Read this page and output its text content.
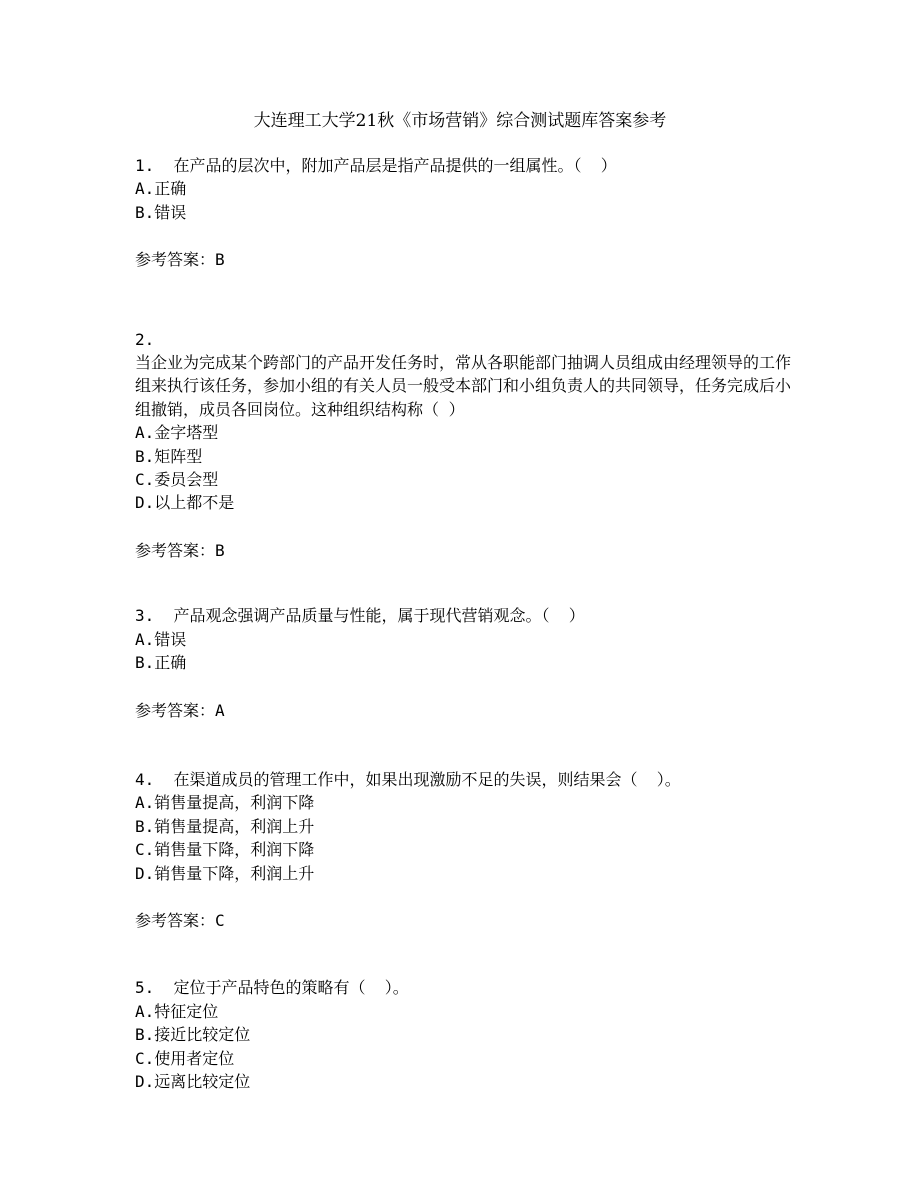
大连理工大学21秋《市场营销》综合测试题库答案参考
1.  在产品的层次中，附加产品层是指产品提供的一组属性。（  ）
A.正确
B.错误
参考答案：B
2.
当企业为完成某个跨部门的产品开发任务时，常从各职能部门抽调人员组成由经理领导的工作组来执行该任务，参加小组的有关人员一般受本部门和小组负责人的共同领导，任务完成后小组撤销，成员各回岗位。这种组织结构称（ ）
A.金字塔型
B.矩阵型
C.委员会型
D.以上都不是
参考答案：B
3.  产品观念强调产品质量与性能，属于现代营销观念。（  ）
A.错误
B.正确
参考答案：A
4.  在渠道成员的管理工作中，如果出现激励不足的失误，则结果会（  ）。
A.销售量提高，利润下降
B.销售量提高，利润上升
C.销售量下降，利润下降
D.销售量下降，利润上升
参考答案：C
5.  定位于产品特色的策略有（  ）。
A.特征定位
B.接近比较定位
C.使用者定位
D.远离比较定位
